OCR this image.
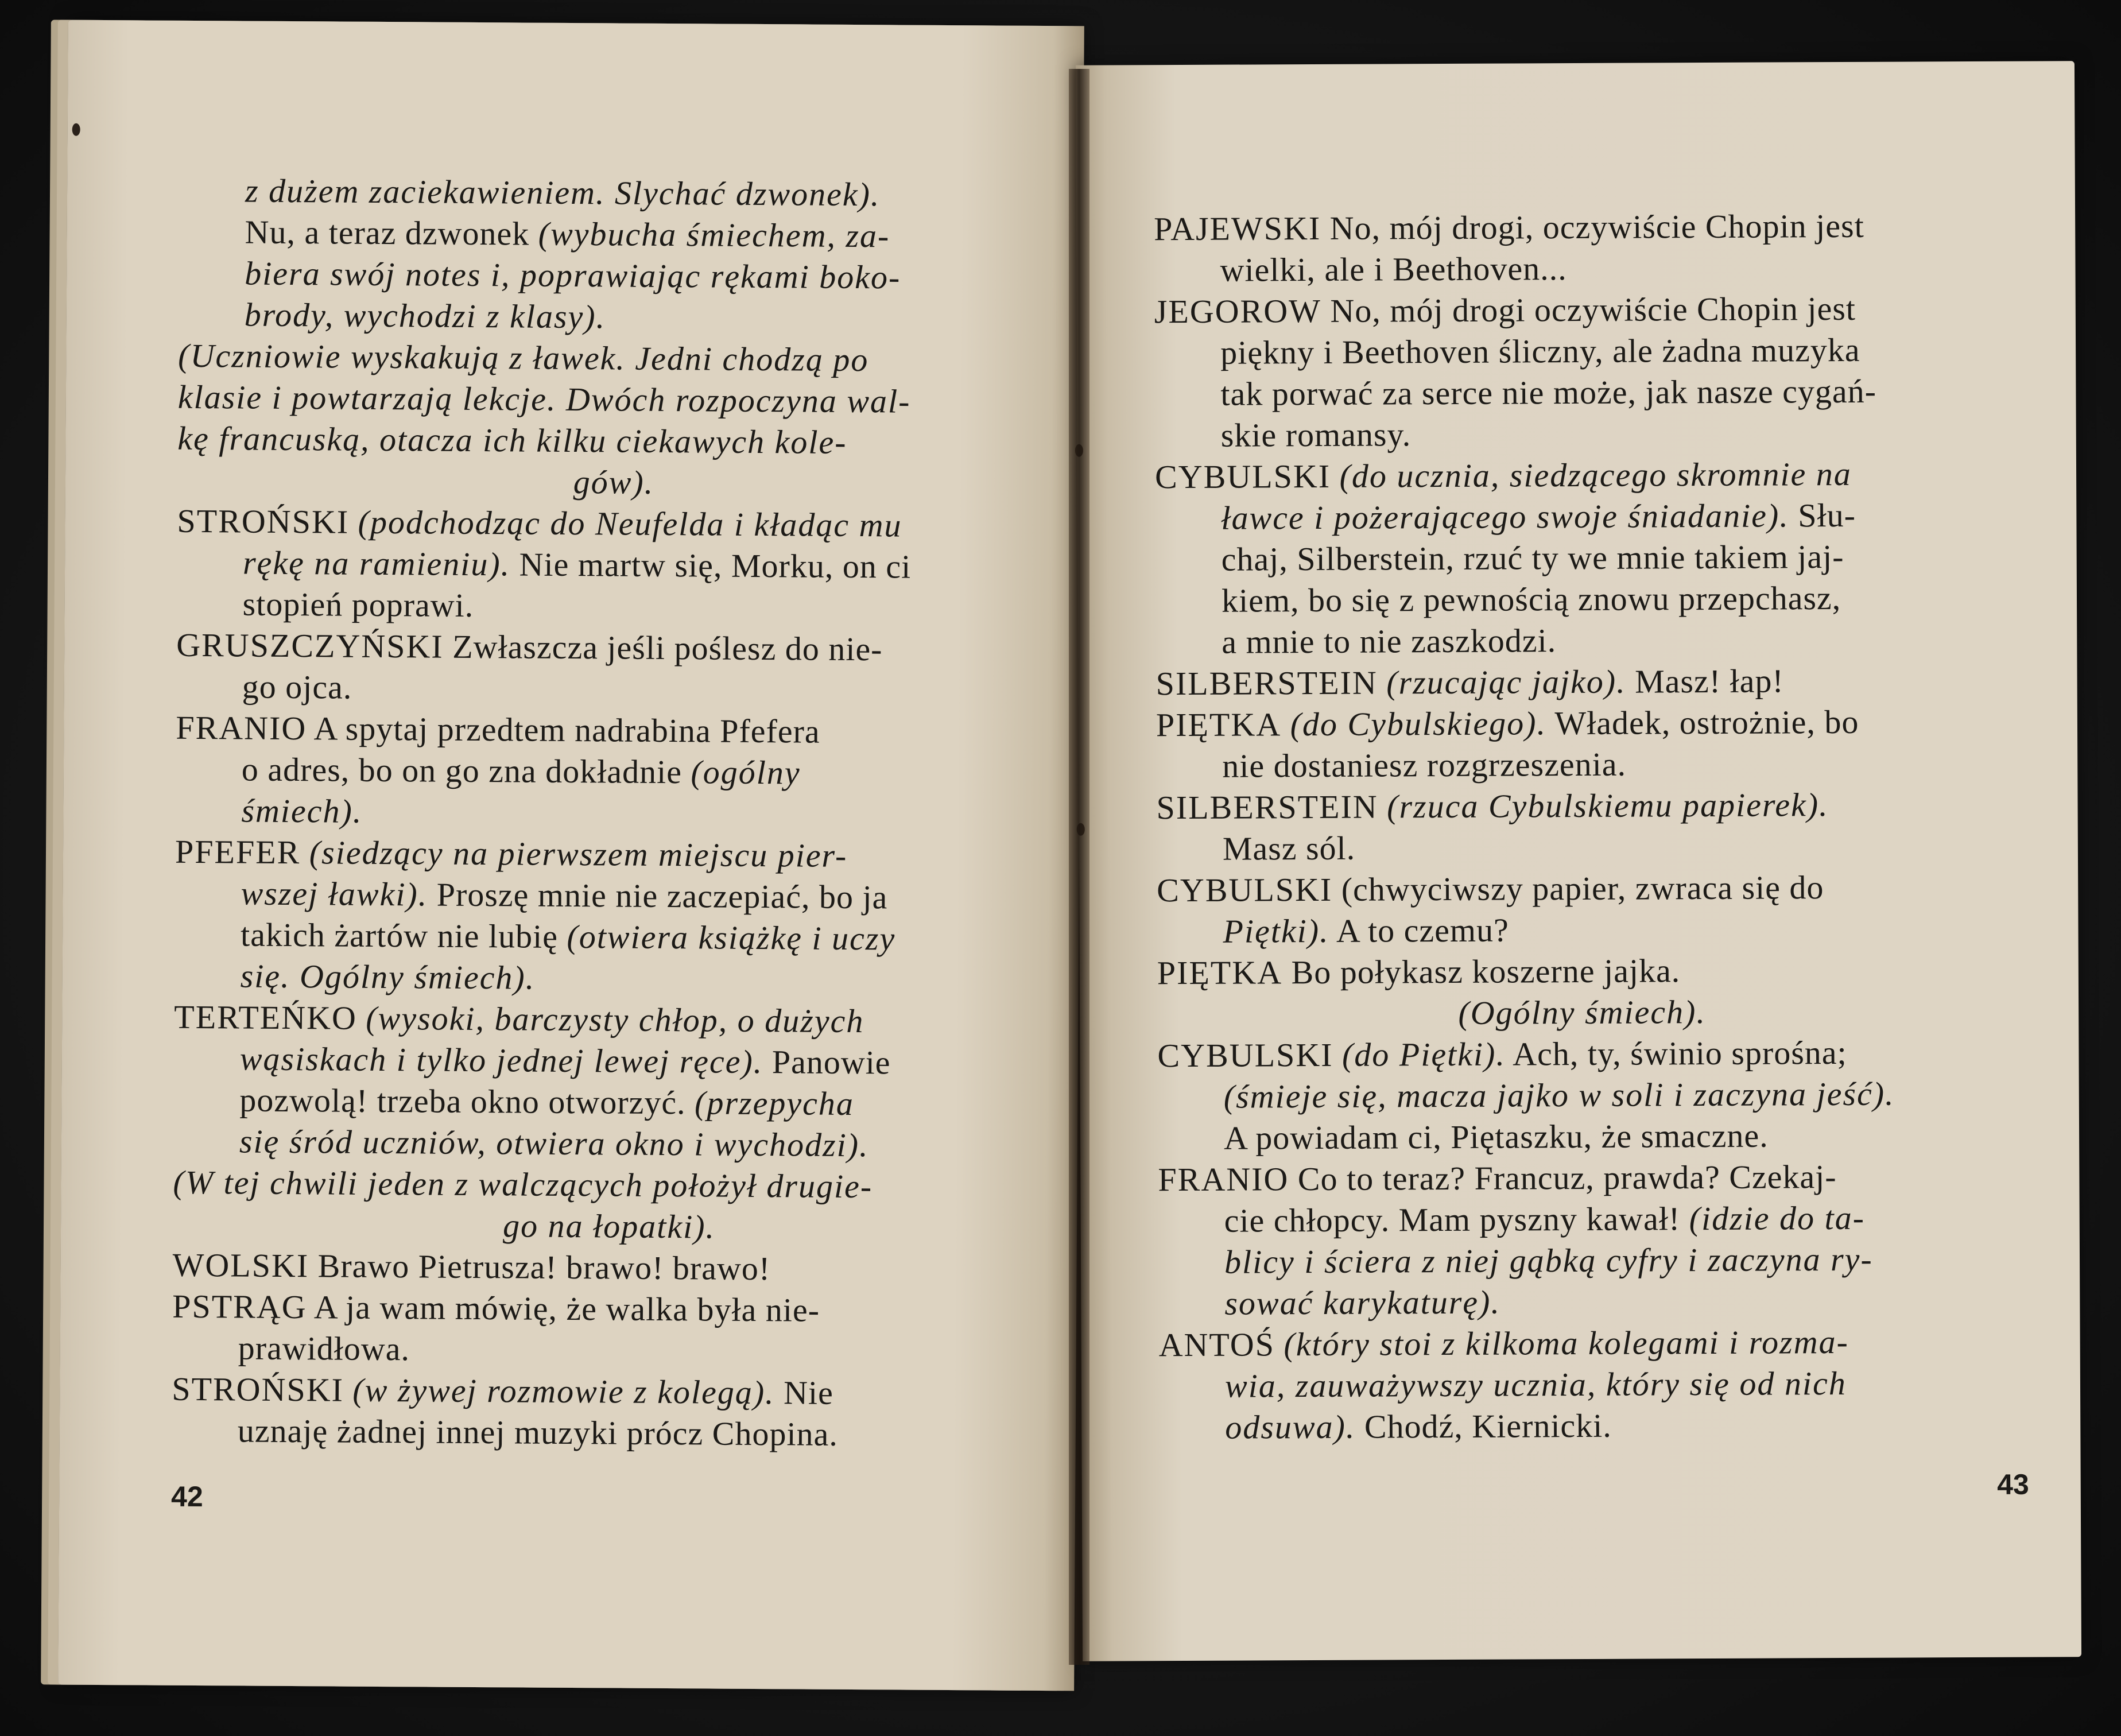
z dużem zaciekawieniem. Slychać dzwonek).
Nu, a teraz dzwonek (wybucha śmiechem, za-
biera swój notes i, poprawiając rękami boko-
brody, wychodzi z klasy).
(Uczniowie wyskakują z ławek. Jedni chodzą po
klasie i powtarzają lekcje. Dwóch rozpoczyna wal-
kę francuską, otacza ich kilku ciekawych kole-
gów).
STROŃSKI (podchodząc do Neufelda i kładąc mu
rękę na ramieniu). Nie martw się, Morku, on ci
stopień poprawi.
GRUSZCZYŃSKI Zwłaszcza jeśli poślesz do nie-
go ojca.
FRANIO A spytaj przedtem nadrabina Pfefera
o adres, bo on go zna dokładnie (ogólny
śmiech).
PFEFER (siedzący na pierwszem miejscu pier-
wszej ławki). Proszę mnie nie zaczepiać, bo ja
takich żartów nie lubię (otwiera książkę i uczy
się. Ogólny śmiech).
TERTEŃKO (wysoki, barczysty chłop, o dużych
wąsiskach i tylko jednej lewej ręce). Panowie
pozwolą! trzeba okno otworzyć. (przepycha
się śród uczniów, otwiera okno i wychodzi).
(W tej chwili jeden z walczących położył drugie-
go na łopatki).
WOLSKI Brawo Pietrusza! brawo! brawo!
PSTRĄG A ja wam mówię, że walka była nie-
prawidłowa.
STROŃSKI (w żywej rozmowie z kolegą). Nie
uznaję żadnej innej muzyki prócz Chopina.
42
PAJEWSKI No, mój drogi, oczywiście Chopin jest
wielki, ale i Beethoven...
JEGOROW No, mój drogi oczywiście Chopin jest
piękny i Beethoven śliczny, ale żadna muzyka
tak porwać za serce nie może, jak nasze cygań-
skie romansy.
CYBULSKI (do ucznia, siedzącego skromnie na
ławce i pożerającego swoje śniadanie). Słu-
chaj, Silberstein, rzuć ty we mnie takiem jaj-
kiem, bo się z pewnością znowu przepchasz,
a mnie to nie zaszkodzi.
SILBERSTEIN (rzucając jajko). Masz! łap!
PIĘTKA (do Cybulskiego). Władek, ostrożnie, bo
nie dostaniesz rozgrzeszenia.
SILBERSTEIN (rzuca Cybulskiemu papierek).
Masz sól.
CYBULSKI (chwyciwszy papier, zwraca się do
Piętki). A to czemu?
PIĘTKA Bo połykasz koszerne jajka.
(Ogólny śmiech).
CYBULSKI (do Piętki). Ach, ty, świnio sprośna;
(śmieje się, macza jajko w soli i zaczyna jeść).
A powiadam ci, Piętaszku, że smaczne.
FRANIO Co to teraz? Francuz, prawda? Czekaj-
cie chłopcy. Mam pyszny kawał! (idzie do ta-
blicy i ściera z niej gąbką cyfry i zaczyna ry-
sować karykaturę).
ANTOŚ (który stoi z kilkoma kolegami i rozma-
wia, zauważywszy ucznia, który się od nich
odsuwa). Chodź, Kiernicki.
43
